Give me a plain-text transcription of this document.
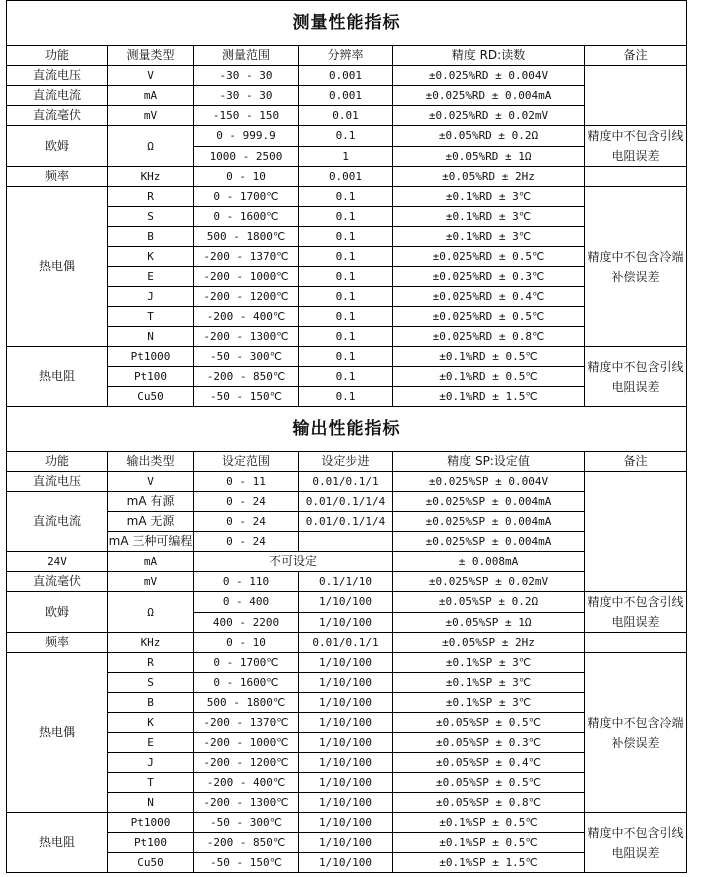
测量性能指标					
功能	测量类型	测量范围	分辨率	精度 RD:读数	备注
直流电压	V	-30 - 30	0.001	±0.025%RD ± 0.004V	
直流电流	mA	-30 - 30	0.001	±0.025%RD ± 0.004mA	
直流毫伏	mV	-150 - 150	0.01	±0.025%RD ± 0.02mV	
欧姆	Ω	0 - 999.9	0.1	±0.05%RD ± 0.2Ω	精度中不包含引线电阻误差
		1000 - 2500	1	±0.05%RD ± 1Ω	
频率	KHz	0 - 10	0.001	±0.05%RD ± 2Hz	
热电偶	R	0 - 1700℃	0.1	±0.1%RD ± 3℃	精度中不包含冷端补偿误差
	S	0 - 1600℃	0.1	±0.1%RD ± 3℃	
	B	500 - 1800℃	0.1	±0.1%RD ± 3℃	
	K	-200 - 1370℃	0.1	±0.025%RD ± 0.5℃	
	E	-200 - 1000℃	0.1	±0.025%RD ± 0.3℃	
	J	-200 - 1200℃	0.1	±0.025%RD ± 0.4℃	
	T	-200 - 400℃	0.1	±0.025%RD ± 0.5℃	
	N	-200 - 1300℃	0.1	±0.025%RD ± 0.8℃	
热电阻	Pt1000	-50 - 300℃	0.1	±0.1%RD ± 0.5℃	精度中不包含引线电阻误差
	Pt100	-200 - 850℃	0.1	±0.1%RD ± 0.5℃	
	Cu50	-50 - 150℃	0.1	±0.1%RD ± 1.5℃	
输出性能指标					
功能	输出类型	设定范围	设定步进	精度 SP:设定值	备注
直流电压	V	0 - 11	0.01/0.1/1	±0.025%SP ± 0.004V	
直流电流	mA 有源	0 - 24	0.01/0.1/1/4	±0.025%SP ± 0.004mA	
	mA 无源	0 - 24	0.01/0.1/1/4	±0.025%SP ± 0.004mA	
	mA 三种可编程	0 - 24		±0.025%SP ± 0.004mA	
24V	mA	不可设定		± 0.008mA	
直流毫伏	mV	0 - 110	0.1/1/10	±0.025%SP ± 0.02mV	
欧姆	Ω	0 - 400	1/10/100	±0.05%SP ± 0.2Ω	精度中不包含引线电阻误差
		400 - 2200	1/10/100	±0.05%SP ± 1Ω	
频率	KHz	0 - 10	0.01/0.1/1	±0.05%SP ± 2Hz	
热电偶	R	0 - 1700℃	1/10/100	±0.1%SP ± 3℃	精度中不包含冷端补偿误差
	S	0 - 1600℃	1/10/100	±0.1%SP ± 3℃	
	B	500 - 1800℃	1/10/100	±0.1%SP ± 3℃	
	K	-200 - 1370℃	1/10/100	±0.05%SP ± 0.5℃	
	E	-200 - 1000℃	1/10/100	±0.05%SP ± 0.3℃	
	J	-200 - 1200℃	1/10/100	±0.05%SP ± 0.4℃	
	T	-200 - 400℃	1/10/100	±0.05%SP ± 0.5℃	
	N	-200 - 1300℃	1/10/100	±0.05%SP ± 0.8℃	
热电阻	Pt1000	-50 - 300℃	1/10/100	±0.1%SP ± 0.5℃	精度中不包含引线电阻误差
	Pt100	-200 - 850℃	1/10/100	±0.1%SP ± 0.5℃	
	Cu50	-50 - 150℃	1/10/100	±0.1%SP ± 1.5℃	
